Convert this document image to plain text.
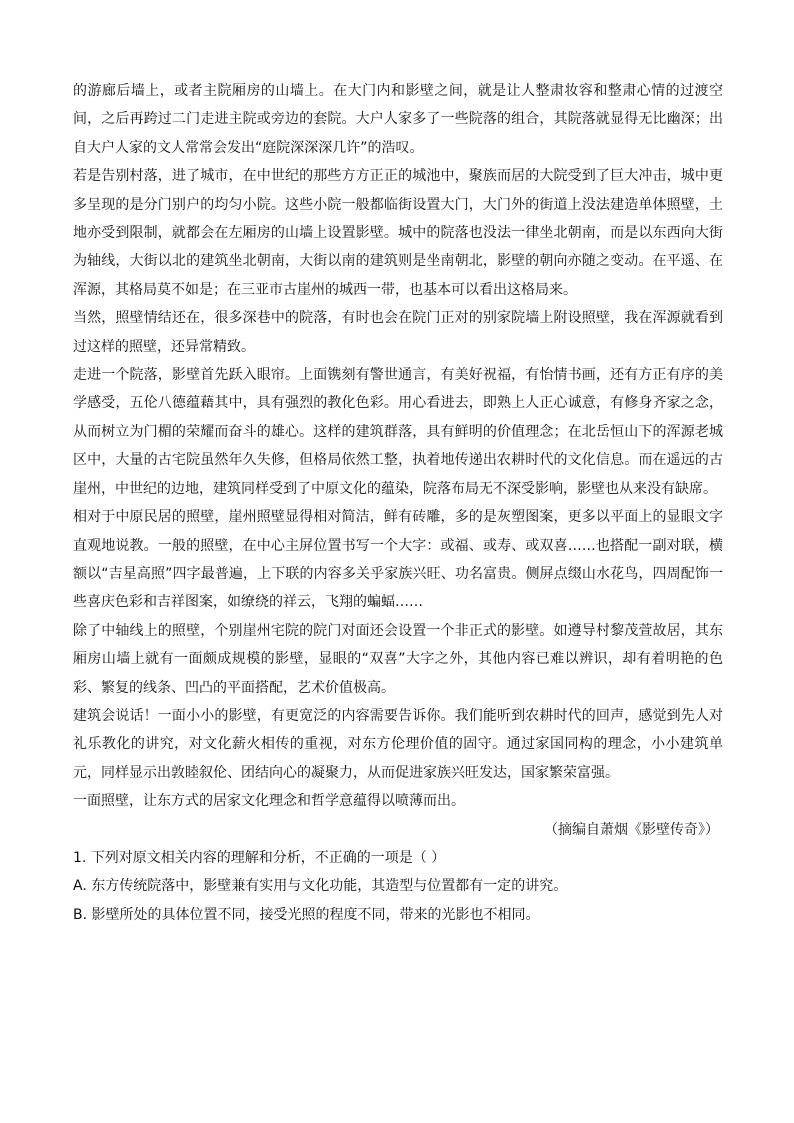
的游廊后墙上，或者主院厢房的山墙上。在大门内和影壁之间，就是让人整肃妆容和整肃心情的过渡空间，之后再跨过二门走进主院或旁边的套院。大户人家多了一些院落的组合，其院落就显得无比幽深；出自大户人家的文人常常会发出“庭院深深深几许”的浩叹。

若是告别村落，进了城市，在中世纪的那些方方正正的城池中，聚族而居的大院受到了巨大冲击，城中更多呈现的是分门别户的均匀小院。这些小院一般都临街设置大门，大门外的街道上没法建造单体照壁，土地亦受到限制，就都会在左厢房的山墙上设置影壁。城中的院落也没法一律坐北朝南，而是以东西向大街为轴线，大街以北的建筑坐北朝南，大街以南的建筑则是坐南朝北，影壁的朝向亦随之变动。在平遥、在浑源，其格局莫不如是；在三亚市古崖州的城西一带，也基本可以看出这格局来。

当然，照壁情结还在，很多深巷中的院落，有时也会在院门正对的别家院墙上附设照壁，我在浑源就看到过这样的照壁，还异常精致。

走进一个院落，影壁首先跃入眼帘。上面镌刻有警世通言，有美好祝福，有怡情书画，还有方正有序的美学感受，五伦八德蕴藉其中，具有强烈的教化色彩。用心看进去，即熟上人正心诚意，有修身齐家之念，从而树立为门楣的荣耀而奋斗的雄心。这样的建筑群落，具有鲜明的价值理念；在北岳恒山下的浑源老城区中，大量的古宅院虽然年久失修，但格局依然工整，执着地传递出农耕时代的文化信息。而在遥远的古崖州，中世纪的边地，建筑同样受到了中原文化的蕴染，院落布局无不深受影响，影壁也从来没有缺席。

相对于中原民居的照壁，崖州照壁显得相对简洁，鲜有砖雕，多的是灰塑图案，更多以平面上的显眼文字直观地说教。一般的照壁，在中心主屏位置书写一个大字：或福、或寿、或双喜……也搭配一副对联，横额以“吉星高照”四字最普遍，上下联的内容多关乎家族兴旺、功名富贵。侧屏点缀山水花鸟，四周配饰一些喜庆色彩和吉祥图案，如缭绕的祥云，飞翔的蝙蝠……

除了中轴线上的照壁，个别崖州宅院的院门对面还会设置一个非正式的影壁。如遵导村黎茂萱故居，其东厢房山墙上就有一面颇成规模的影壁，显眼的“双喜”大字之外，其他内容已难以辨识，却有着明艳的色彩、繁复的线条、凹凸的平面搭配，艺术价值极高。

建筑会说话！一面小小的影壁，有更宽泛的内容需要告诉你。我们能听到农耕时代的回声，感觉到先人对礼乐教化的讲究，对文化薪火相传的重视，对东方伦理价值的固守。通过家国同构的理念，小小建筑单元，同样显示出敦睦叙伦、团结向心的凝聚力，从而促进家族兴旺发达，国家繁荣富强。

一面照壁，让东方式的居家文化理念和哲学意蕴得以喷薄而出。

（摘编自萧烟《影壁传奇》）

1. 下列对原文相关内容的理解和分析，不正确的一项是（ ）

A. 东方传统院落中，影壁兼有实用与文化功能，其造型与位置都有一定的讲究。

B. 影壁所处的具体位置不同，接受光照的程度不同，带来的光影也不相同。
